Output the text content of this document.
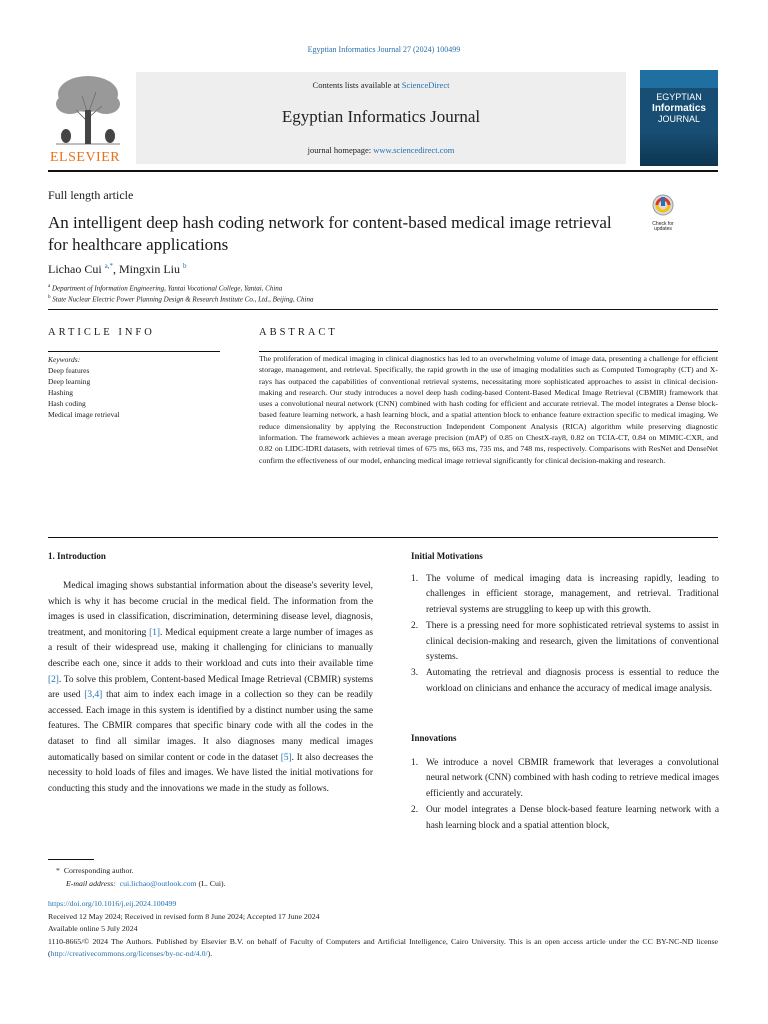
Egyptian Informatics Journal 27 (2024) 100499
ELSEVIER
Contents lists available at ScienceDirect
Egyptian Informatics Journal
journal homepage: www.sciencedirect.com
EGYPTIAN
Informatics
JOURNAL
Full length article
An intelligent deep hash coding network for content-based medical image retrieval for healthcare applications
Check for
updates
Lichao Cui $^{a,*}$, Mingxin Liu $^b$
$^a$ Department of Information Engineering, Yantai Vocational College, Yantai, China
$^b$ State Nuclear Electric Power Planning Design & Research Institute Co., Ltd., Beijing, China
ARTICLE INFO	ABSTRACT
Keywords:
Deep features
Deep learning
Hashing
Hash coding
Medical image retrieval
The proliferation of medical imaging in clinical diagnostics has led to an overwhelming volume of image data, presenting a challenge for efficient storage, management, and retrieval. Specifically, the rapid growth in the use of imaging modalities such as Computed Tomography (CT) and X-rays has outpaced the capabilities of conventional retrieval systems, necessitating more sophisticated approaches to assist in clinical decision-making and research. Our study introduces a novel deep hash coding-based Content-Based Medical Image Retrieval (CBMIR) framework that uses a convolutional neural network (CNN) combined with hash coding for efficient and accurate retrieval. The model integrates a Dense block-based feature learning network, a hash learning block, and a spatial attention block to enhance feature extraction specific to medical imaging. We reduce dimensionality by applying the Reconstruction Independent Component Analysis (RICA) algorithm while preserving diagnostic information. The framework achieves a mean average precision (mAP) of 0.85 on ChestX-ray8, 0.82 on TCIA-CT, 0.84 on MIMIC-CXR, and 0.82 on LIDC-IDRI datasets, with retrieval times of 675 ms, 663 ms, 735 ms, and 748 ms, respectively. Comparisons with ResNet and DenseNet confirm the effectiveness of our model, enhancing medical image retrieval significantly for clinical decision-making and research.
1. Introduction

Medical imaging shows substantial information about the disease's severity level, which is why it has become crucial in the medical field. The information from the images is used in classification, discrimination, determining disease level, diagnosis, treatment, and monitoring [1]. Medical equipment create a large number of images as a result of their widespread use, making it challenging for clinicians to manually describe each one, since it adds to their workload and cuts into their available time [2]. To solve this problem, Content-based Medical Image Retrieval (CBMIR) systems are used [3,4] that aim to index each image in a collection so they can be readily accessed. Each image in this system is identified by a distinct number using the same features. The CBMIR compares that specific binary code with all the codes in the dataset to find all similar images. It also diagnoses many medical images automatically based on similar content or code in the dataset [5]. It also decreases the necessity to hold loads of files and images. We have listed the initial motivations for conducting this study and the innovations we made in the study as follows.

Initial Motivations
1. The volume of medical imaging data is increasing rapidly, leading to challenges in efficient storage, management, and retrieval. Traditional retrieval systems are struggling to keep up with this growth.
2. There is a pressing need for more sophisticated retrieval systems to assist in clinical decision-making and research, given the limitations of conventional systems.
3. Automating the retrieval and diagnosis process is essential to reduce the workload on clinicians and enhance the accuracy of medical image analysis.
Innovations
1. We introduce a novel CBMIR framework that leverages a convolutional neural network (CNN) combined with hash coding to retrieve medical images efficiently and accurately.
2. Our model integrates a Dense block-based feature learning network with a hash learning block and a spatial attention block,
* Corresponding author.
E-mail address: cui.lichao@outlook.com (L. Cui).
https://doi.org/10.1016/j.eij.2024.100499
Received 12 May 2024; Received in revised form 8 June 2024; Accepted 17 June 2024
Available online 5 July 2024
1110-8665/© 2024 The Authors. Published by Elsevier B.V. on behalf of Faculty of Computers and Artificial Intelligence, Cairo University. This is an open access article under the CC BY-NC-ND license (http://creativecommons.org/licenses/by-nc-nd/4.0/).
